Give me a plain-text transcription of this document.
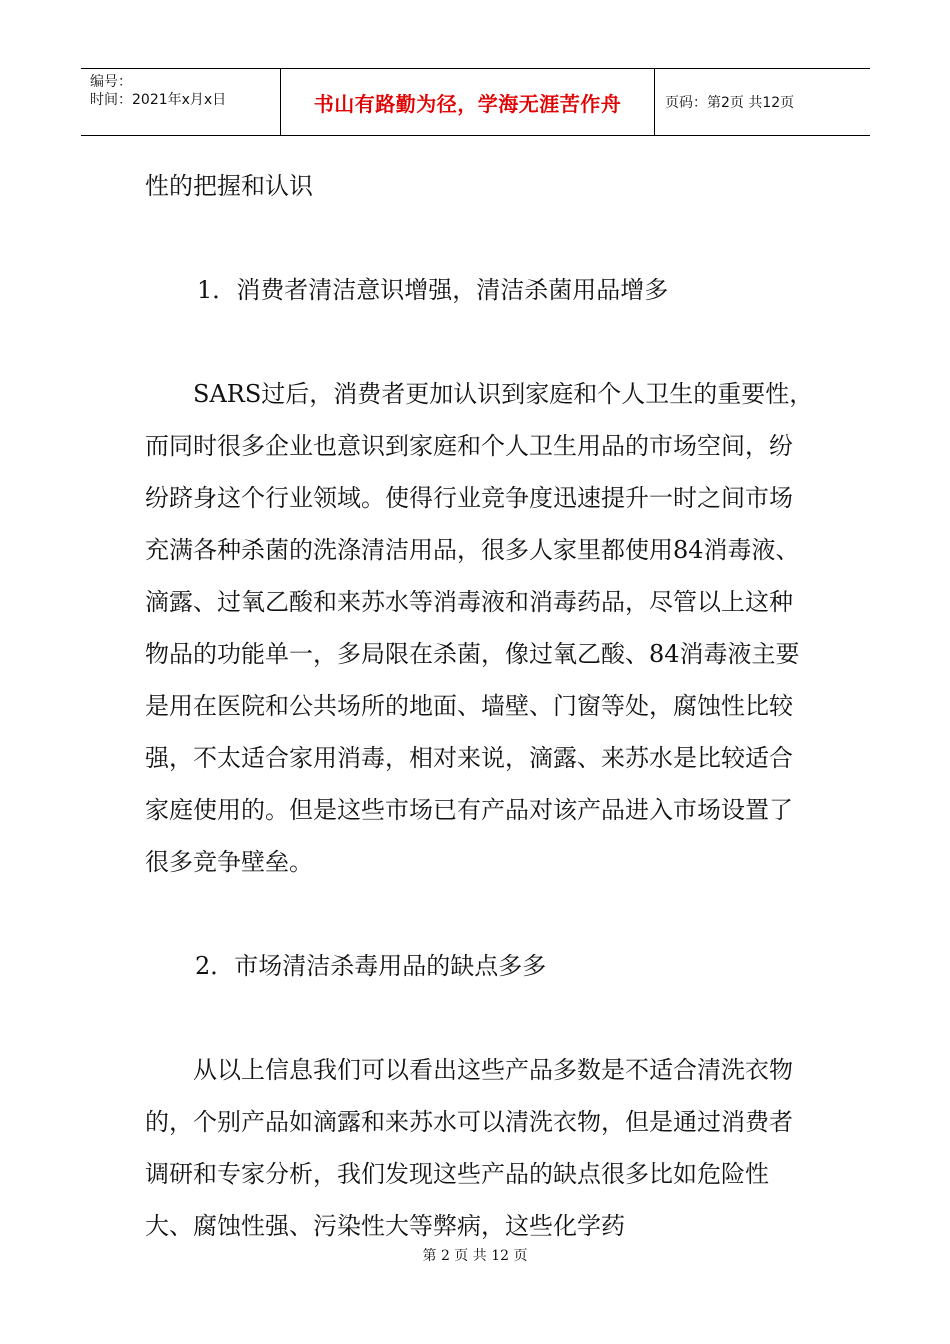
编号：
时间：2021年x月x日	书山有路勤为径，学海无涯苦作舟	页码：第2页 共12页

性的把握和认识

1．消费者清洁意识增强，清洁杀菌用品增多

SARS过后，消费者更加认识到家庭和个人卫生的重要性，而同时很多企业也意识到家庭和个人卫生用品的市场空间，纷纷跻身这个行业领域。使得行业竞争度迅速提升一时之间市场充满各种杀菌的洗涤清洁用品，很多人家里都使用84消毒液、滴露、过氧乙酸和来苏水等消毒液和消毒药品，尽管以上这种物品的功能单一，多局限在杀菌，像过氧乙酸、84消毒液主要是用在医院和公共场所的地面、墙壁、门窗等处，腐蚀性比较强，不太适合家用消毒，相对来说，滴露、来苏水是比较适合家庭使用的。但是这些市场已有产品对该产品进入市场设置了很多竞争壁垒。

2．市场清洁杀毒用品的缺点多多

从以上信息我们可以看出这些产品多数是不适合清洗衣物的，个别产品如滴露和来苏水可以清洗衣物，但是通过消费者调研和专家分析，我们发现这些产品的缺点很多比如危险性大、腐蚀性强、污染性大等弊病，这些化学药

第 2 页 共 12 页
